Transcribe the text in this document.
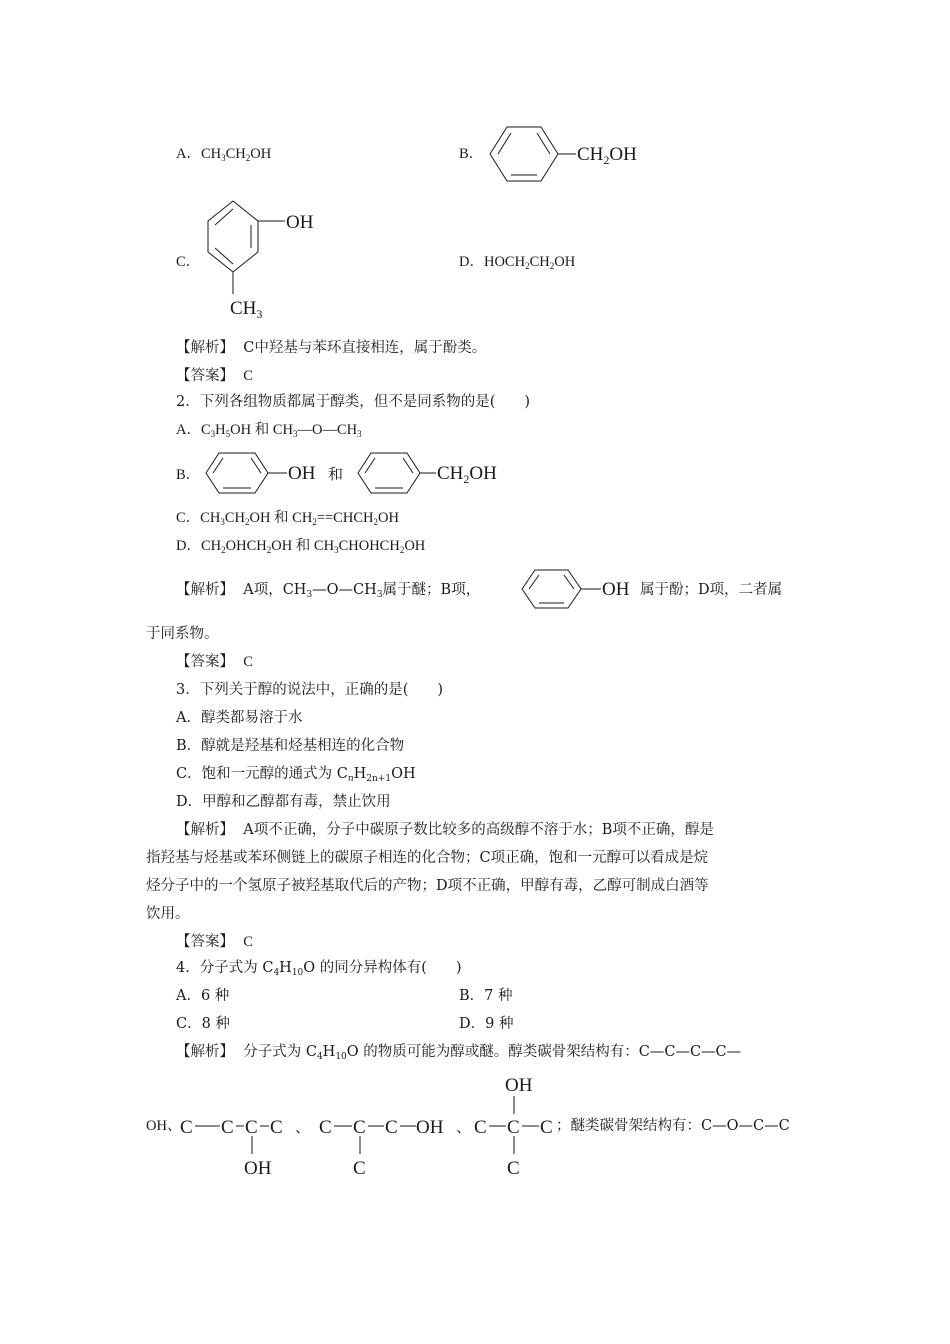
A．$CH_3CH_2OH$	B．	$CH_2OH$
C．
OH
$CH_3$
D．$HOCH_2CH_2OH$
【解析】 C中羟基与苯环直接相连，属于酚类。
【答案】 C
2．下列各组物质都属于醇类，但不是同系物的是(　　)
A．$C_3H_5OH$ 和 $CH_3—O—CH_3$
B．	OH 和	$CH_2OH$
C．$CH_3CH_2OH$ 和 $CH_2==CHCH_2OH$
D．$CH_2OHCH_2OH$ 和 $CH_3CHOHCH_2OH$
【解析】 A项，$CH_3—O—CH_3$属于醚；B项，	OH 属于酚；D项，二者属
于同系物。
【答案】 C
3．下列关于醇的说法中，正确的是(　　)
A．醇类都易溶于水
B．醇就是羟基和烃基相连的化合物
C．饱和一元醇的通式为 $C_nH_{2n+1}OH$
D．甲醇和乙醇都有毒，禁止饮用
【解析】 A项不正确，分子中碳原子数比较多的高级醇不溶于水；B项不正确，醇是
指羟基与烃基或苯环侧链上的碳原子相连的化合物；C项正确，饱和一元醇可以看成是烷
烃分子中的一个氢原子被羟基取代后的产物；D项不正确，甲醇有毒，乙醇可制成白酒等
饮用。
【答案】 C
4．分子式为 $C_4H_{10}O$ 的同分异构体有(　　)
A．6 种	B．7 种
C．8 种	D．9 种
【解析】 分子式为 $C_4H_{10}O$ 的物质可能为醇或醚。醇类碳骨架结构有：C—C—C—C—
OH、
C C C C
OH
、 C C C OH
C
、 C C C
OH
C
；醚类碳骨架结构有：C—O—C—C
